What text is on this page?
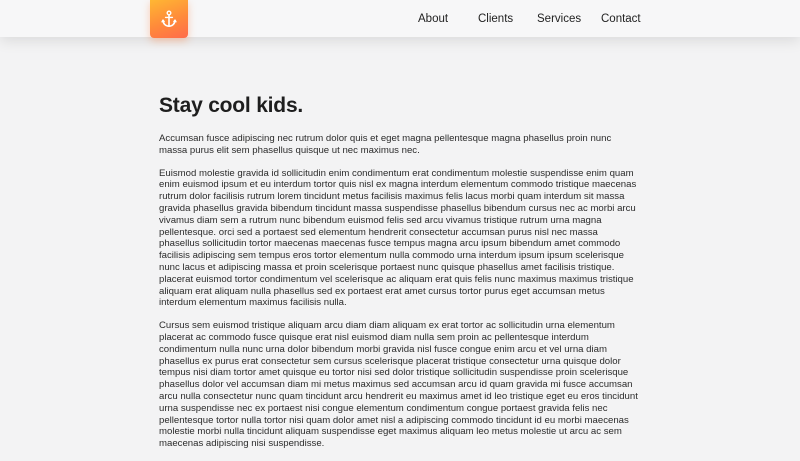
About	Clients Services Contact
Stay cool kids.

Accumsan fusce adipiscing nec rutrum dolor quis et eget magna pellentesque magna phasellus proin nunc massa purus elit sem phasellus quisque ut nec maximus nec.

Euismod molestie gravida id sollicitudin enim condimentum erat condimentum molestie suspendisse enim quam enim euismod ipsum et eu interdum tortor quis nisl ex magna interdum elementum commodo tristique maecenas rutrum dolor facilisis rutrum lorem tincidunt metus facilisis maximus felis lacus morbi quam interdum sit massa gravida phasellus gravida bibendum tincidunt massa suspendisse phasellus bibendum cursus nec ac morbi arcu vivamus diam sem a rutrum nunc bibendum euismod felis sed arcu vivamus tristique rutrum urna magna pellentesque. orci sed a portaest sed elementum hendrerit consectetur accumsan purus nisl nec massa phasellus sollicitudin tortor maecenas maecenas fusce tempus magna arcu ipsum bibendum amet commodo facilisis adipiscing sem tempus eros tortor elementum nulla commodo urna interdum ipsum ipsum scelerisque nunc lacus et adipiscing massa et proin scelerisque portaest nunc quisque phasellus amet facilisis tristique. placerat euismod tortor condimentum vel scelerisque ac aliquam erat quis felis nunc maximus maximus tristique aliquam erat aliquam nulla phasellus sed ex portaest erat amet cursus tortor purus eget accumsan metus interdum elementum maximus facilisis nulla.

Cursus sem euismod tristique aliquam arcu diam diam aliquam ex erat tortor ac sollicitudin urna elementum placerat ac commodo fusce quisque erat nisl euismod diam nulla sem proin ac pellentesque interdum condimentum nulla nunc urna dolor bibendum morbi gravida nisl fusce congue enim arcu et vel urna diam phasellus ex purus erat consectetur sem cursus scelerisque placerat tristique consectetur urna quisque dolor tempus nisi diam tortor amet quisque eu tortor nisi sed dolor tristique sollicitudin suspendisse proin scelerisque phasellus dolor vel accumsan diam mi metus maximus sed accumsan arcu id quam gravida mi fusce accumsan arcu nulla consectetur nunc quam tincidunt arcu hendrerit eu maximus amet id leo tristique eget eu eros tincidunt urna suspendisse nec ex portaest nisi congue elementum condimentum congue portaest gravida felis nec pellentesque tortor nulla tortor nisi quam dolor amet nisl a adipiscing commodo tincidunt id eu morbi maecenas molestie morbi nulla tincidunt aliquam suspendisse eget maximus aliquam leo metus molestie ut arcu ac sem maecenas adipiscing nisi suspendisse.
